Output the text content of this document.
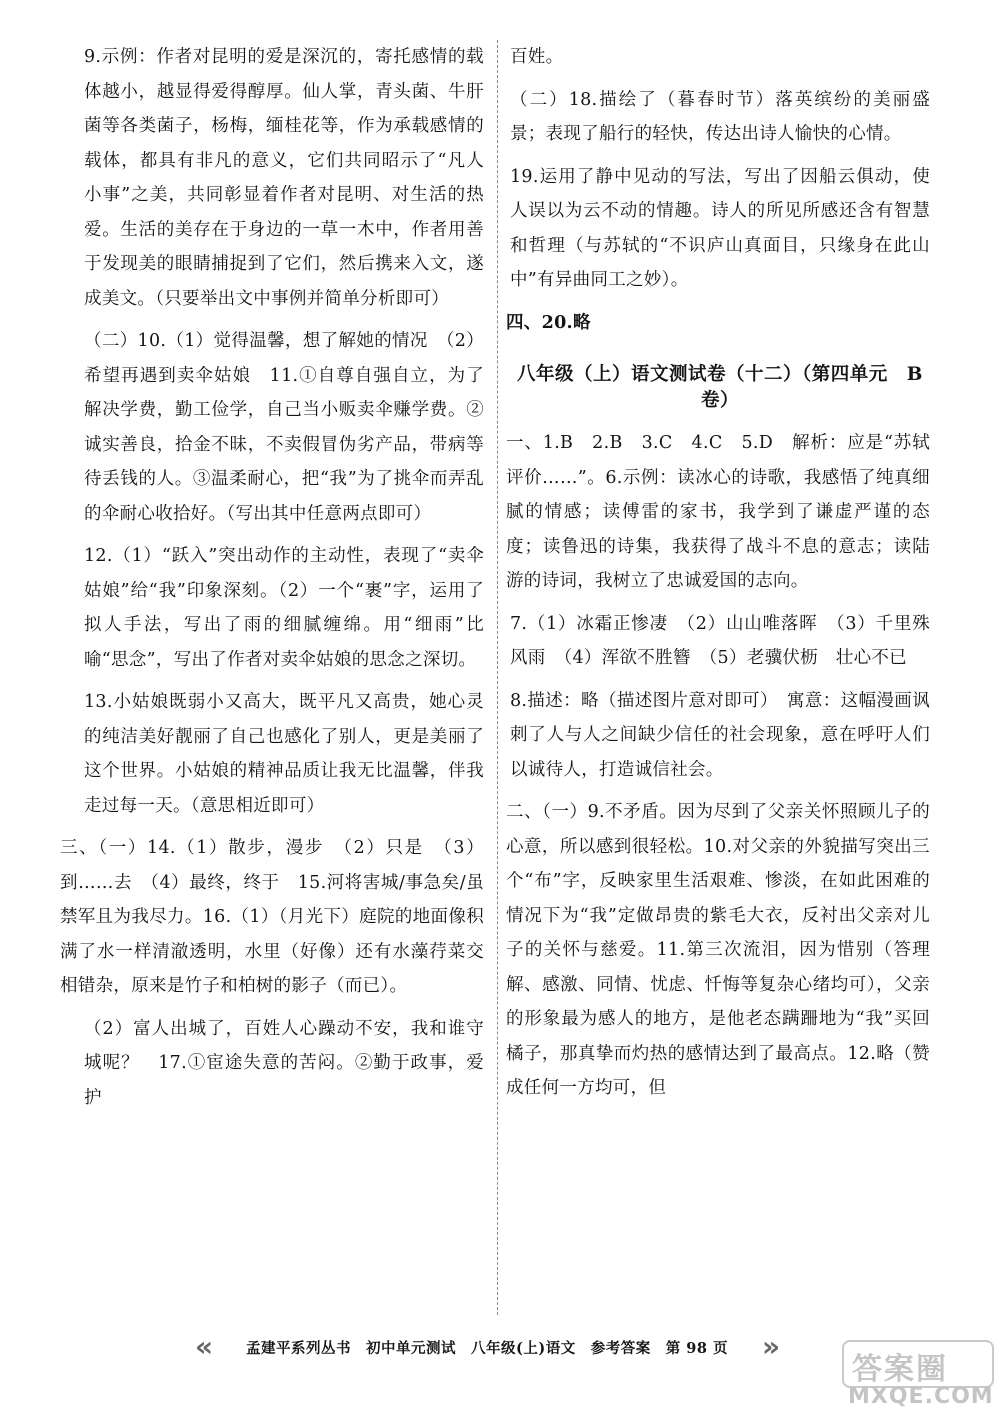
9.示例：作者对昆明的爱是深沉的，寄托感情的载体越小，越显得爱得醇厚。仙人掌，青头菌、牛肝菌等各类菌子，杨梅，缅桂花等，作为承载感情的载体，都具有非凡的意义，它们共同昭示了“凡人小事”之美，共同彰显着作者对昆明、对生活的热爱。生活的美存在于身边的一草一木中，作者用善于发现美的眼睛捕捉到了它们，然后携来入文，遂成美文。（只要举出文中事例并简单分析即可）

（二）10.（1）觉得温馨，想了解她的情况　（2）希望再遇到卖伞姑娘　11.①自尊自强自立，为了解决学费，勤工俭学，自己当小贩卖伞赚学费。②诚实善良，拾金不昧，不卖假冒伪劣产品，带病等待丢钱的人。③温柔耐心，把“我”为了挑伞而弄乱的伞耐心收拾好。（写出其中任意两点即可）

12.（1）“跃入”突出动作的主动性，表现了“卖伞姑娘”给“我”印象深刻。（2）一个“裹”字，运用了拟人手法，写出了雨的细腻缠绵。用“细雨”比喻“思念”，写出了作者对卖伞姑娘的思念之深切。

13.小姑娘既弱小又高大，既平凡又高贵，她心灵的纯洁美好靓丽了自己也感化了别人，更是美丽了这个世界。小姑娘的精神品质让我无比温馨，伴我走过每一天。（意思相近即可）

三、（一）14.（1）散步，漫步　（2）只是　（3）到……去　（4）最终，终于　15.河将害城/事急矣/虽禁军且为我尽力。16.（1）（月光下）庭院的地面像积满了水一样清澈透明，水里（好像）还有水藻荇菜交相错杂，原来是竹子和柏树的影子（而已）。

（2）富人出城了，百姓人心躁动不安，我和谁守城呢？　17.①宦途失意的苦闷。②勤于政事，爱护

百姓。

（二）18.描绘了（暮春时节）落英缤纷的美丽盛景；表现了船行的轻快，传达出诗人愉快的心情。

19.运用了静中见动的写法，写出了因船云俱动，使人误以为云不动的情趣。诗人的所见所感还含有智慧和哲理（与苏轼的“不识庐山真面目，只缘身在此山中”有异曲同工之妙）。

四、20.略

八年级（上）语文测试卷（十二）（第四单元　B卷）

一、1.B　2.B　3.C　4.C　5.D　解析：应是“苏轼评价……”。6.示例：读冰心的诗歌，我感悟了纯真细腻的情感；读傅雷的家书，我学到了谦虚严谨的态度；读鲁迅的诗集，我获得了战斗不息的意志；读陆游的诗词，我树立了忠诚爱国的志向。

7.（1）冰霜正惨凄　（2）山山唯落晖　（3）千里殊风雨　（4）浑欲不胜簪　（5）老骥伏枥　壮心不已

8.描述：略（描述图片意对即可）　寓意：这幅漫画讽刺了人与人之间缺少信任的社会现象，意在呼吁人们以诚待人，打造诚信社会。

二、（一）9.不矛盾。因为尽到了父亲关怀照顾儿子的心意，所以感到很轻松。10.对父亲的外貌描写突出三个“布”字，反映家里生活艰难、惨淡，在如此困难的情况下为“我”定做昂贵的紫毛大衣，反衬出父亲对儿子的关怀与慈爱。11.第三次流泪，因为惜别（答理解、感激、同情、忧虑、忏悔等复杂心绪均可），父亲的形象最为感人的地方，是他老态蹒跚地为“我”买回橘子，那真挚而灼热的感情达到了最高点。12.略（赞成任何一方均可，但

« 孟建平系列丛书　初中单元测试　八年级(上)语文　参考答案　第 98 页 »
答案圈
MXQE.COM
